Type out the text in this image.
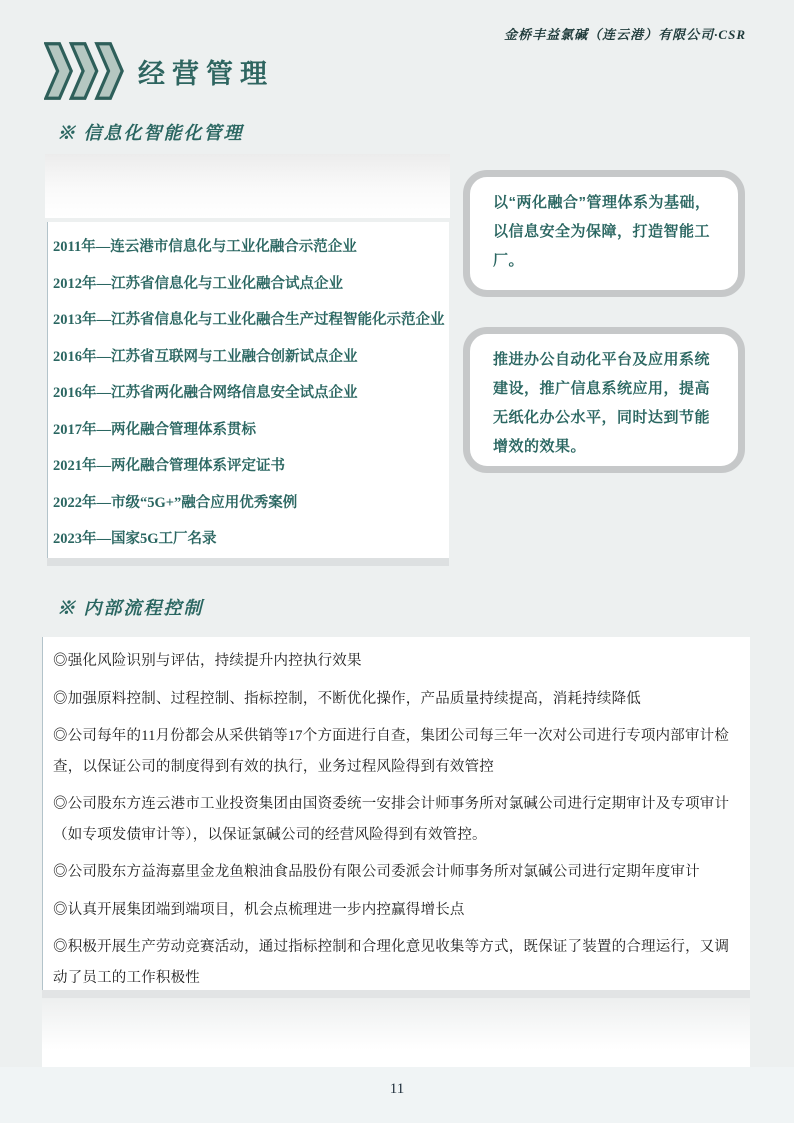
金桥丰益氯碱（连云港）有限公司·CSR
经营管理
※ 信息化智能化管理
2011年—连云港市信息化与工业化融合示范企业
2012年—江苏省信息化与工业化融合试点企业
2013年—江苏省信息化与工业化融合生产过程智能化示范企业
2016年—江苏省互联网与工业融合创新试点企业
2016年—江苏省两化融合网络信息安全试点企业
2017年—两化融合管理体系贯标
2021年—两化融合管理体系评定证书
2022年—市级“5G+”融合应用优秀案例
2023年—国家5G工厂名录
以“两化融合”管理体系为基础，以信息安全为保障，打造智能工厂。
推进办公自动化平台及应用系统建设，推广信息系统应用，提高无纸化办公水平，同时达到节能增效的效果。
※ 内部流程控制

◎强化风险识别与评估，持续提升内控执行效果

◎加强原料控制、过程控制、指标控制，不断优化操作，产品质量持续提高，消耗持续降低

◎公司每年的11月份都会从采供销等17个方面进行自查，集团公司每三年一次对公司进行专项内部审计检查，以保证公司的制度得到有效的执行，业务过程风险得到有效管控

◎公司股东方连云港市工业投资集团由国资委统一安排会计师事务所对氯碱公司进行定期审计及专项审计（如专项发债审计等），以保证氯碱公司的经营风险得到有效管控。

◎公司股东方益海嘉里金龙鱼粮油食品股份有限公司委派会计师事务所对氯碱公司进行定期年度审计

◎认真开展集团端到端项目，机会点梳理进一步内控赢得增长点

◎积极开展生产劳动竞赛活动，通过指标控制和合理化意见收集等方式，既保证了装置的合理运行，又调动了员工的工作积极性

11
